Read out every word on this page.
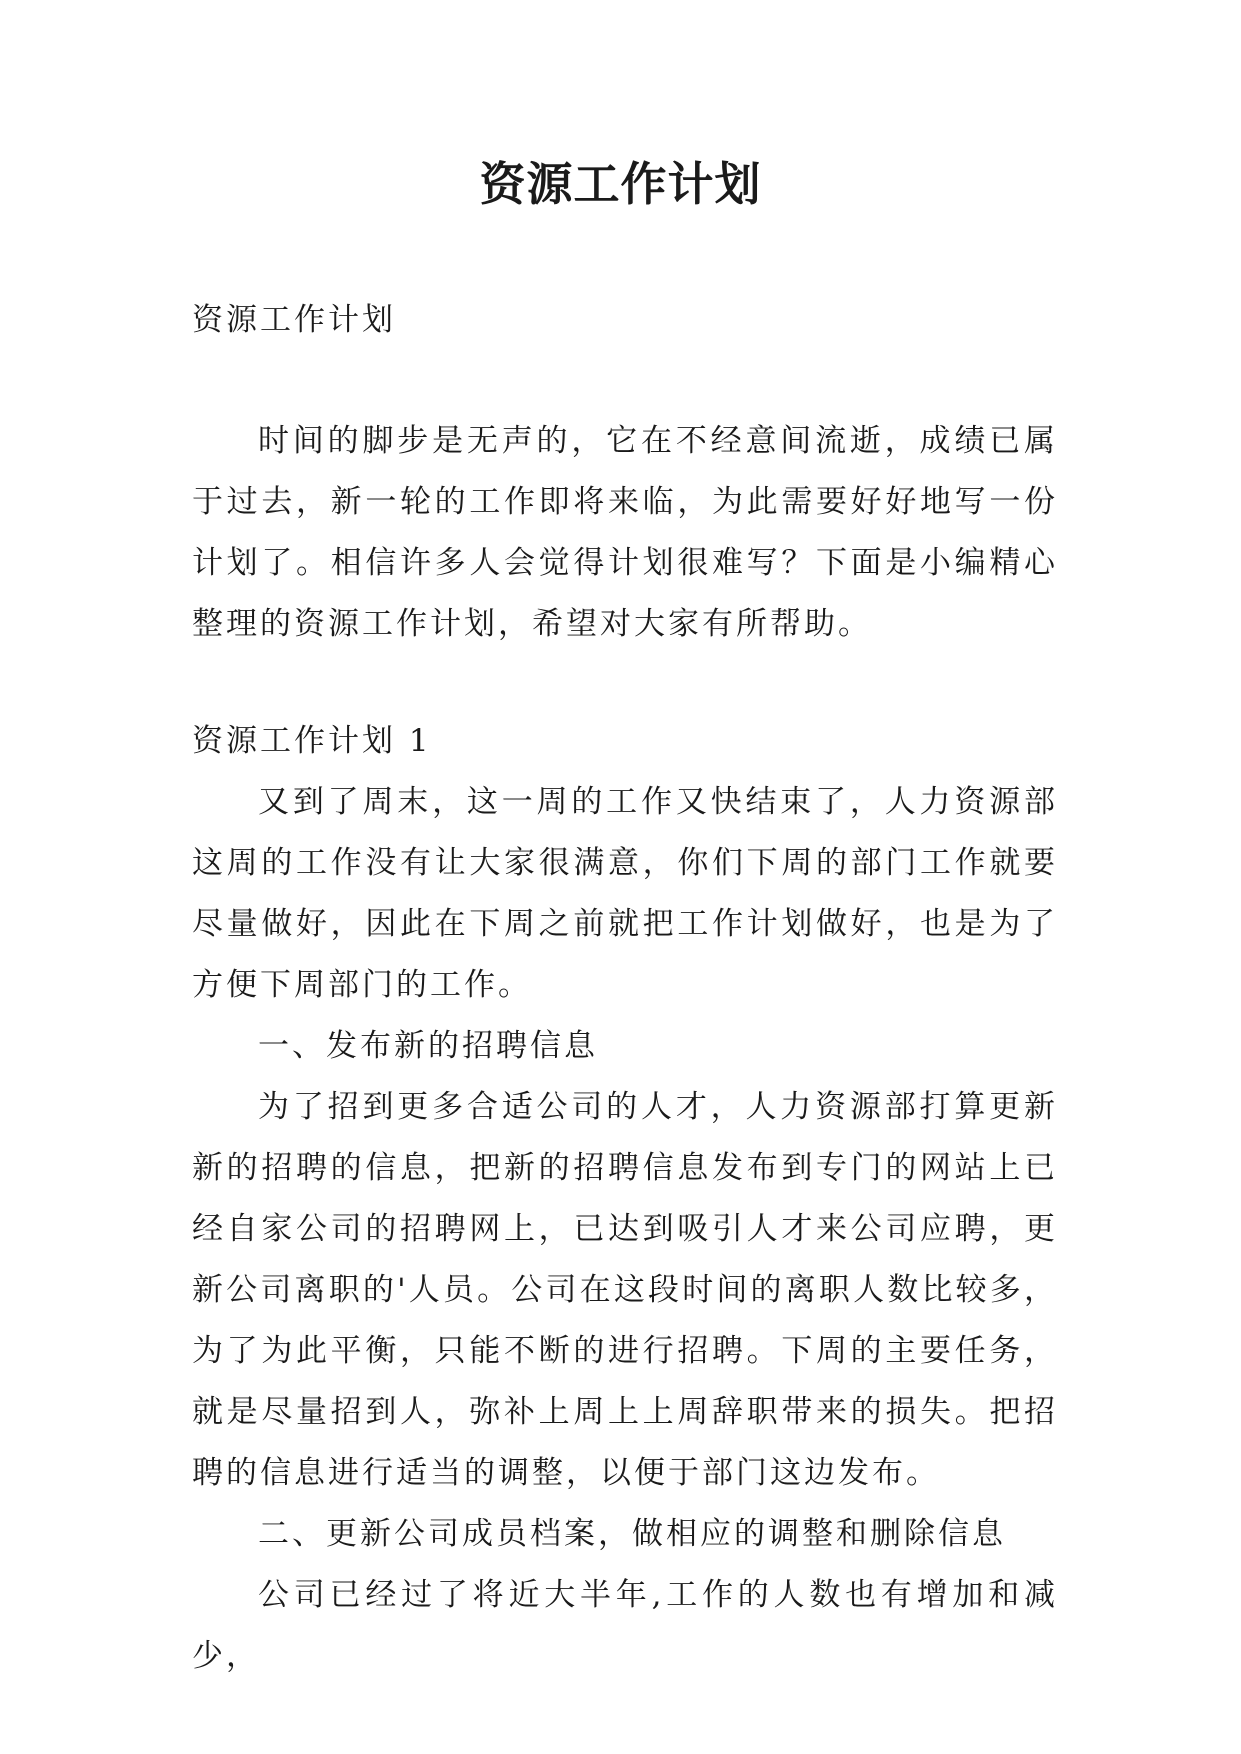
资源工作计划

资源工作计划

时间的脚步是无声的，它在不经意间流逝，成绩已属于过去，新一轮的工作即将来临，为此需要好好地写一份计划了。相信许多人会觉得计划很难写？下面是小编精心整理的资源工作计划，希望对大家有所帮助。

资源工作计划 1

又到了周末，这一周的工作又快结束了，人力资源部这周的工作没有让大家很满意，你们下周的部门工作就要尽量做好，因此在下周之前就把工作计划做好，也是为了方便下周部门的工作。

一、发布新的招聘信息

为了招到更多合适公司的人才，人力资源部打算更新新的招聘的信息，把新的招聘信息发布到专门的网站上已经自家公司的招聘网上，已达到吸引人才来公司应聘，更新公司离职的'人员。公司在这段时间的离职人数比较多，为了为此平衡，只能不断的进行招聘。下周的主要任务，就是尽量招到人，弥补上周上上周辞职带来的损失。把招聘的信息进行适当的调整，以便于部门这边发布。

二、更新公司成员档案，做相应的调整和删除信息

公司已经过了将近大半年,工作的人数也有增加和减少，
